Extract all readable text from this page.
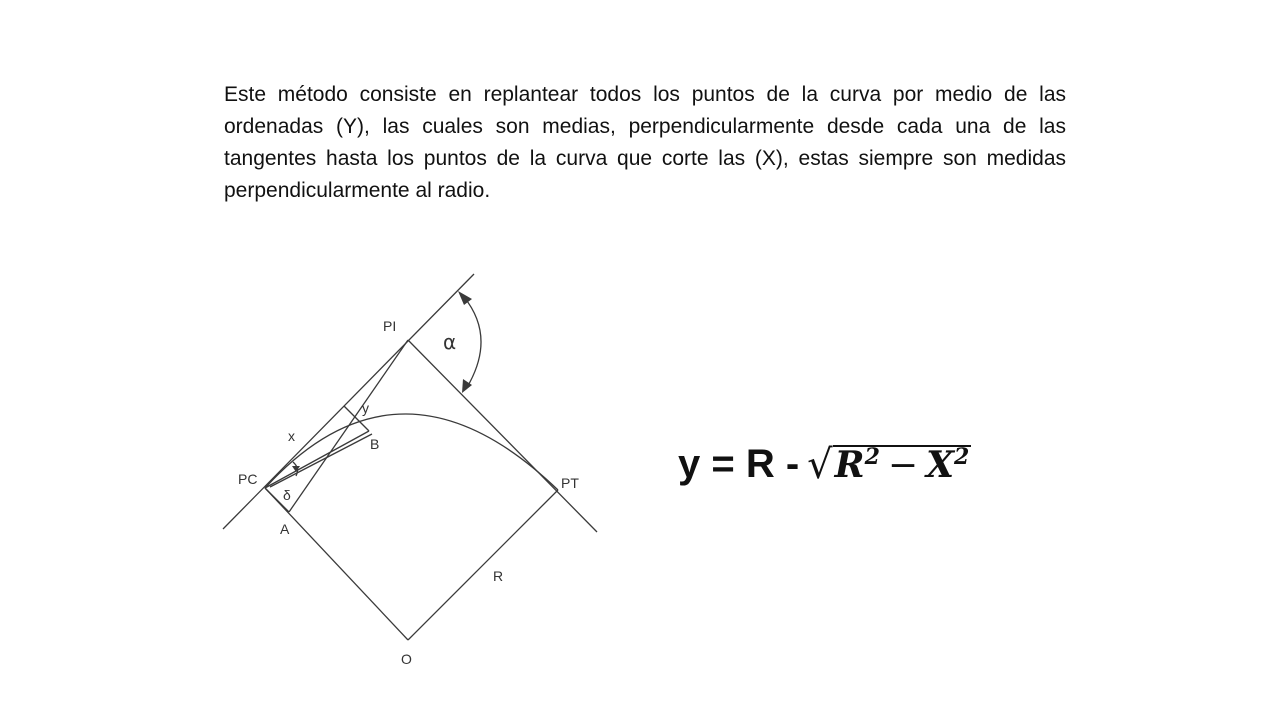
Este método consiste en replantear todos los puntos de la curva por medio de las ordenadas (Y), las cuales son medias, perpendicularmente desde cada una de las tangentes hasta los puntos de la curva que corte las (X), estas siempre son medidas perpendicularmente al radio.

PI
α
y
x	B
PC
δ
A
PT
R
O
y = R - √ $R^2 - X^2$
